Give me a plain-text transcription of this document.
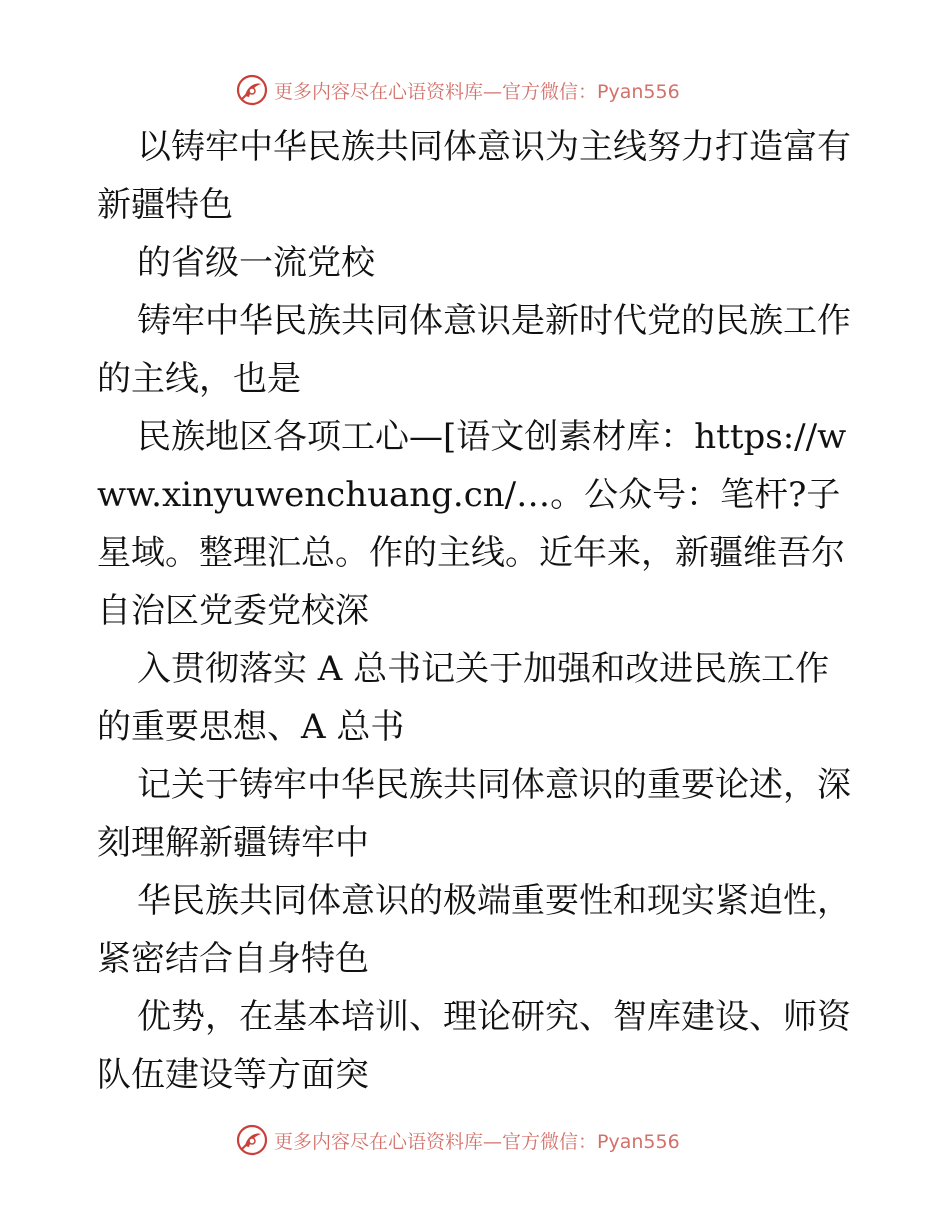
更多内容尽在心语资料库—官方微信：Pyan556

以铸牢中华民族共同体意识为主线努力打造富有新疆特色

的省级一流党校

铸牢中华民族共同体意识是新时代党的民族工作的主线，也是

民族地区各项工心—[语文创素材库：https://www.xinyuwenchuang.cn/…。公众号：笔杆?子星域。整理汇总。作的主线。近年来，新疆维吾尔自治区党委党校深

入贯彻落实 A 总书记关于加强和改进民族工作的重要思想、A 总书

记关于铸牢中华民族共同体意识的重要论述，深刻理解新疆铸牢中

华民族共同体意识的极端重要性和现实紧迫性，紧密结合自身特色

优势，在基本培训、理论研究、智库建设、师资队伍建设等方面突

更多内容尽在心语资料库—官方微信：Pyan556
